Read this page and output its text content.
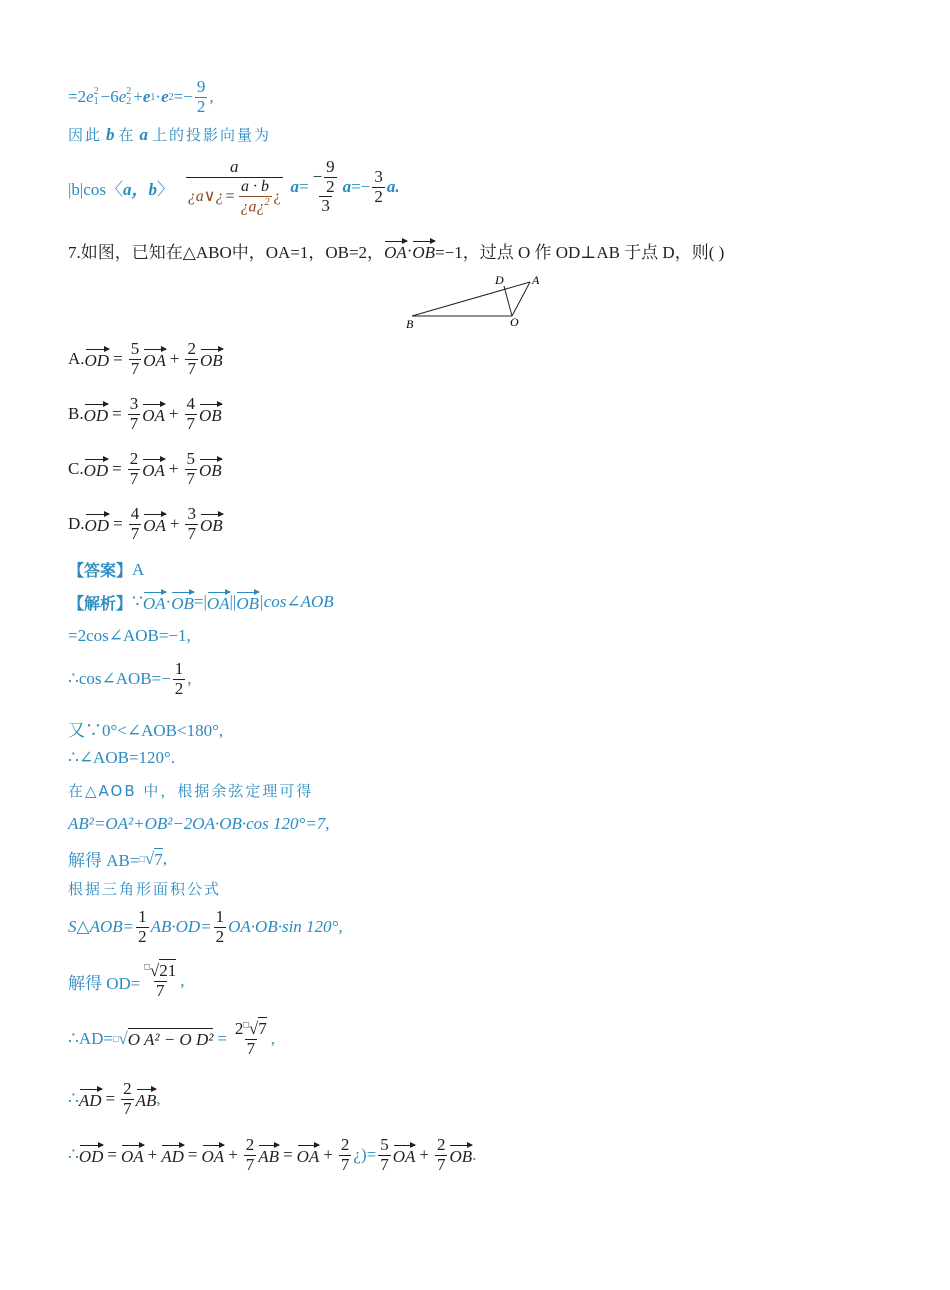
=2 e 2
1 −6 e 2
2 + e 1 · e $2 =- \frac{9}{2}$ ,
因此 b 在 a 上的投影向量为
|b|cos〈 a，b 〉 $\frac{a}{¿a\vee¿ = \frac{a \cdot b}{¿a¿^2} ¿}$ $a = \frac{- \frac{9}{2}}{3}$ $a =- \frac{3}{2} a$.
7.如图，已知在△ABO中，OA=1，OB=2， OA · OB =−1，过点 O 作 OD⊥AB 于点 D，则( )
B	O
A
D
A. OD = $\frac{5}{7}$ OA + $\frac{2}{7}$ OB
B. OD = $\frac{3}{7}$ OA + $\frac{4}{7}$ OB
C. OD = $\frac{2}{7}$ OA + $\frac{5}{7}$ OB
D. OD = $\frac{4}{7}$ OA + $\frac{3}{7}$ OB
【答案】 A
【解析】 ∵ OA · OB =| OA || OB |cos∠AOB
=2cos∠AOB=−1,
∴cos∠AOB=− $\frac{1}{2}$ ,
又∵0°<∠AOB<180°,
∴∠AOB=120°.
在△AOB 中，根据余弦定理可得
AB²=OA²+OB²−2OA·OB·cos 120°=7,
解得 AB= □ √ 7 ,
根据三角形面积公式
S△AOB= $\frac{1}{2} AB\cdot OD= \frac{1}{2} OA\cdot OB\cdot\sin$ 120°,
解得 $OD= \frac{^□√21}{7}$ ,
∴AD= □ √ O A² − O $D^2 = \frac{2^□√7}{7}$ ,
∴ AD = $\frac{2}{7}$ AB ,
∴ OD = OA + AD = OA + $\frac{2}{7}$ AB = OA + $\frac{2}{7}$ ¿)= $\frac{5}{7}$ OA + $\frac{2}{7}$ OB .
